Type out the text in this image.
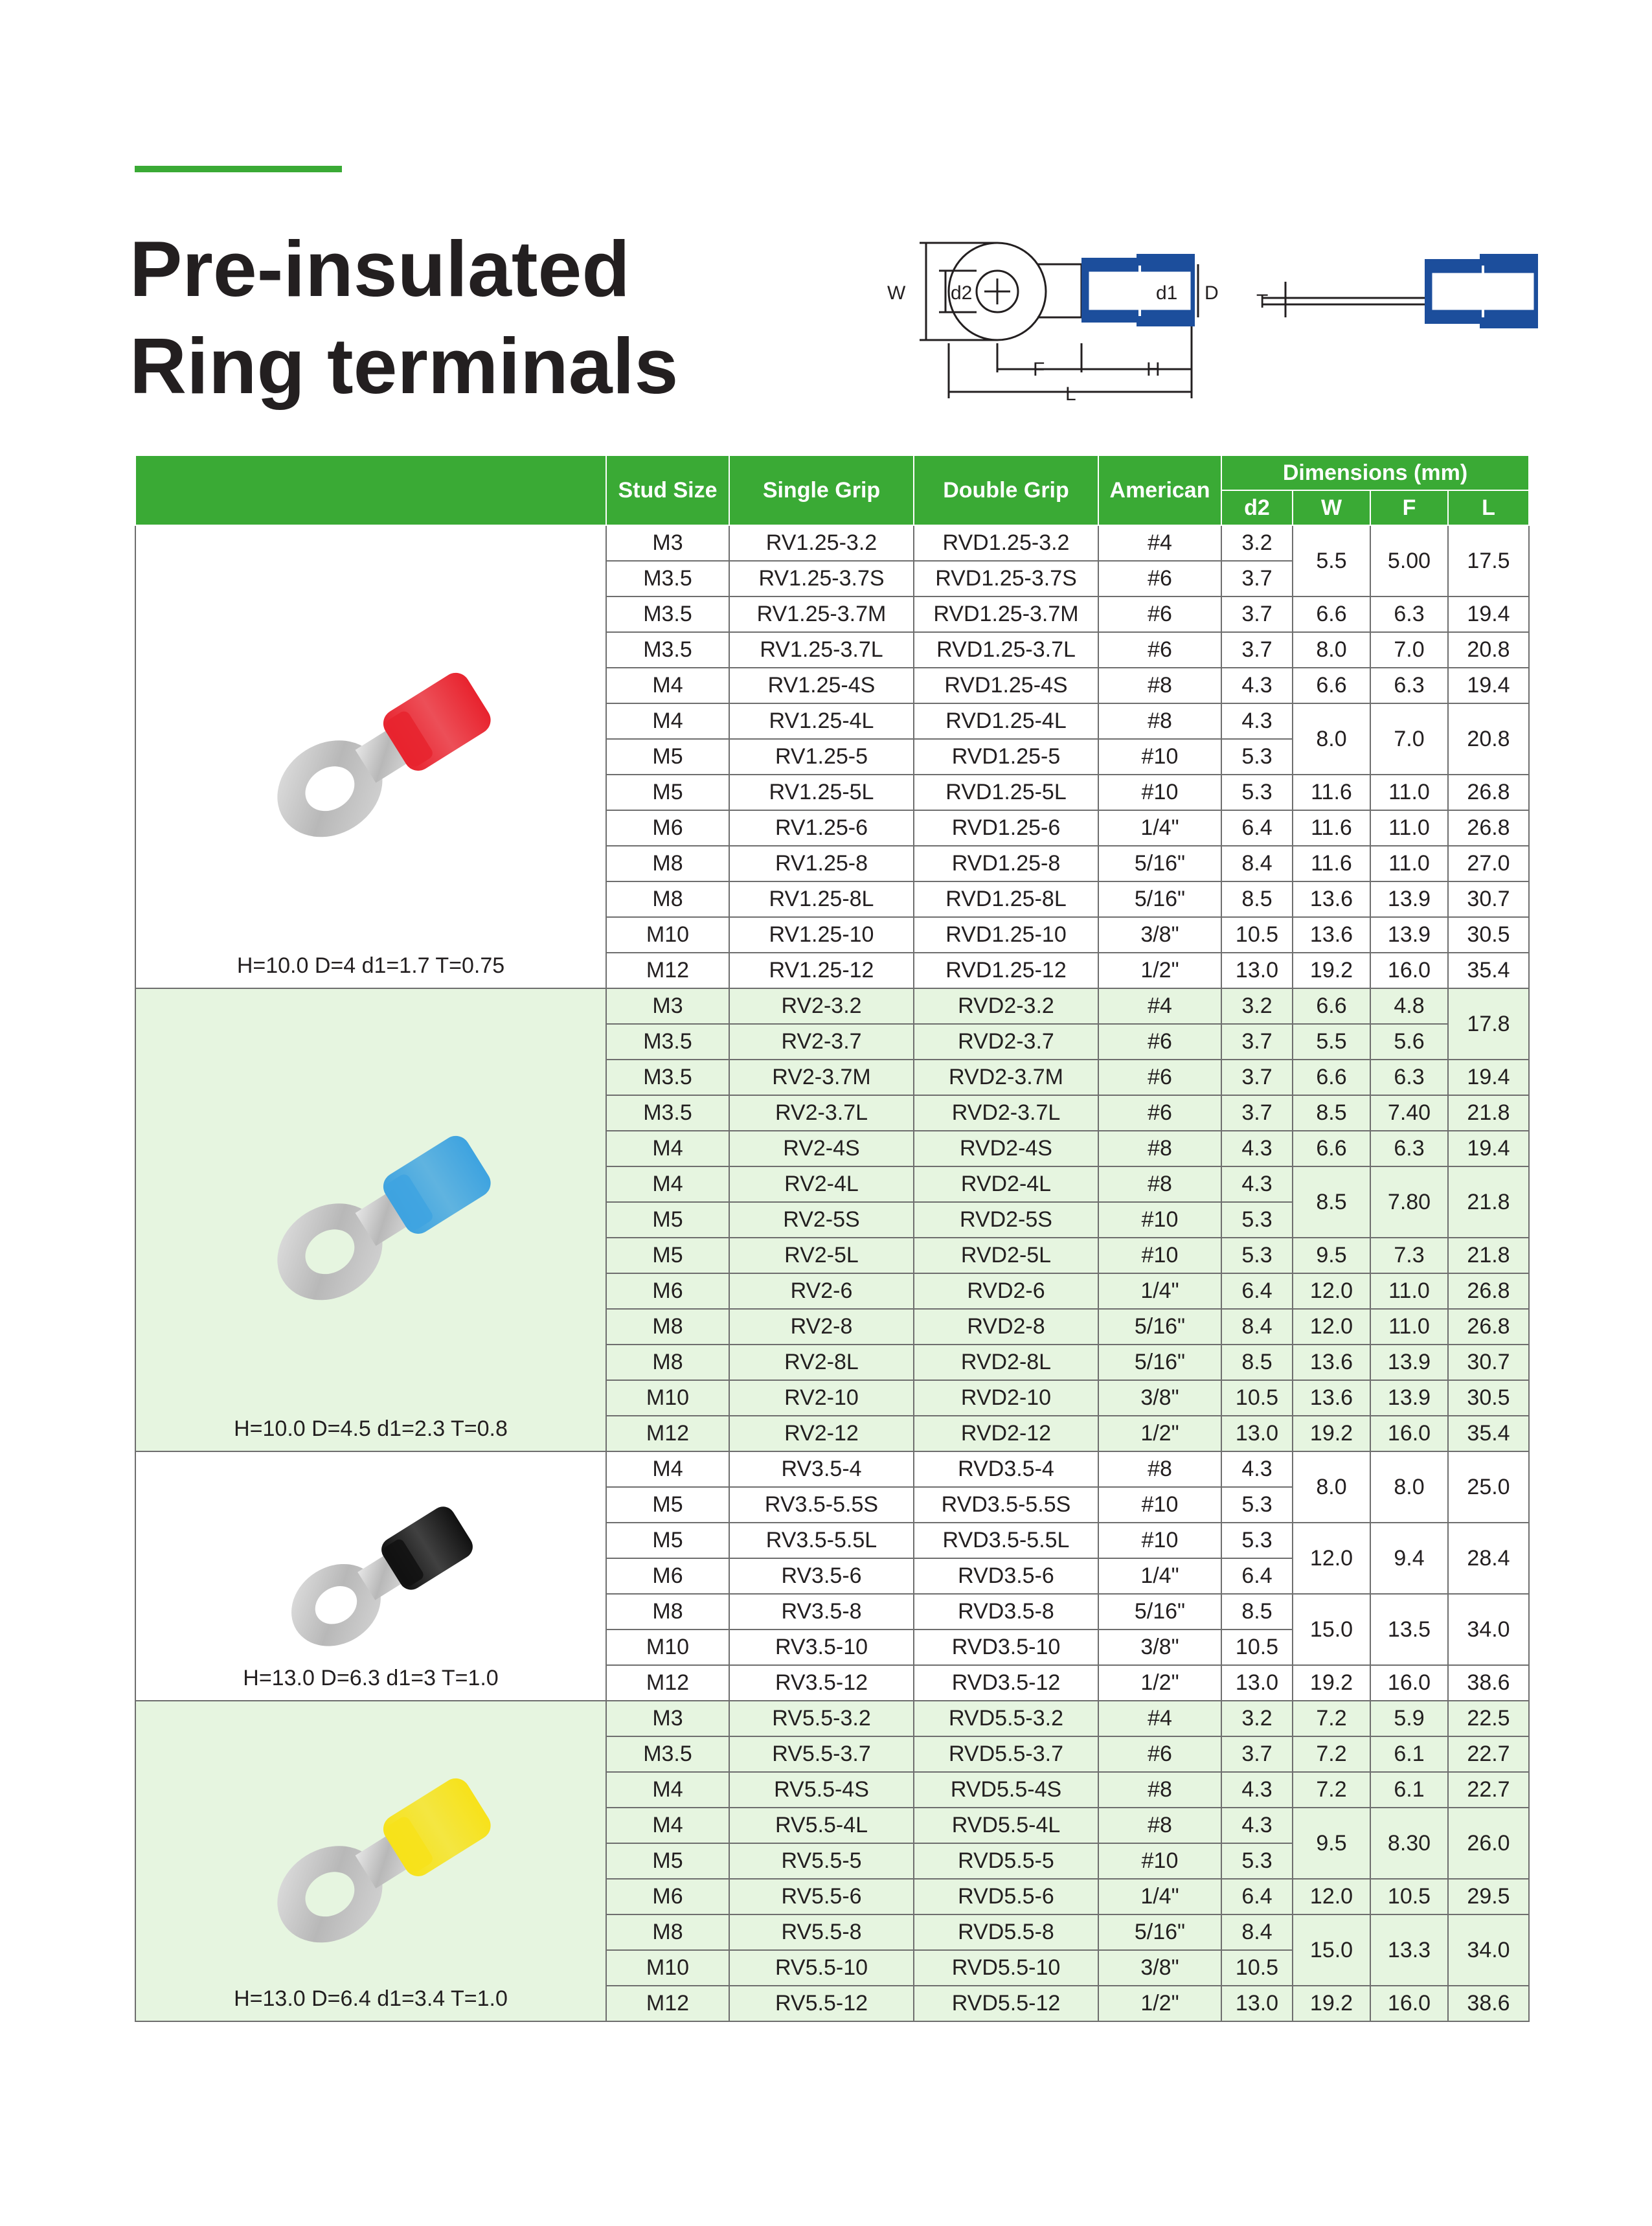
Pre-insulated
Ring terminals
W d2	d1 D
F	H
L
T
	Stud Size	Single Grip	Double Grip	American	Dimensions (mm)			
					d2	W	F	L

H=10.0 D=4 d1=1.7 T=0.75	M3	RV1.25-3.2	RVD1.25-3.2	#4	3.2	5.5	5.00	17.5
	M3.5	RV1.25-3.7S	RVD1.25-3.7S	#6	3.7			
	M3.5	RV1.25-3.7M	RVD1.25-3.7M	#6	3.7	6.6	6.3	19.4
	M3.5	RV1.25-3.7L	RVD1.25-3.7L	#6	3.7	8.0	7.0	20.8
	M4	RV1.25-4S	RVD1.25-4S	#8	4.3	6.6	6.3	19.4
	M4	RV1.25-4L	RVD1.25-4L	#8	4.3	8.0	7.0	20.8
	M5	RV1.25-5	RVD1.25-5	#10	5.3			
	M5	RV1.25-5L	RVD1.25-5L	#10	5.3	11.6	11.0	26.8
	M6	RV1.25-6	RVD1.25-6	1/4"	6.4	11.6	11.0	26.8
	M8	RV1.25-8	RVD1.25-8	5/16"	8.4	11.6	11.0	27.0
	M8	RV1.25-8L	RVD1.25-8L	5/16"	8.5	13.6	13.9	30.7
	M10	RV1.25-10	RVD1.25-10	3/8"	10.5	13.6	13.9	30.5
	M12	RV1.25-12	RVD1.25-12	1/2"	13.0	19.2	16.0	35.4

H=10.0 D=4.5 d1=2.3 T=0.8	M3	RV2-3.2	RVD2-3.2	#4	3.2	6.6	4.8	17.8
	M3.5	RV2-3.7	RVD2-3.7	#6	3.7	5.5	5.6	
	M3.5	RV2-3.7M	RVD2-3.7M	#6	3.7	6.6	6.3	19.4
	M3.5	RV2-3.7L	RVD2-3.7L	#6	3.7	8.5	7.40	21.8
	M4	RV2-4S	RVD2-4S	#8	4.3	6.6	6.3	19.4
	M4	RV2-4L	RVD2-4L	#8	4.3	8.5	7.80	21.8
	M5	RV2-5S	RVD2-5S	#10	5.3			
	M5	RV2-5L	RVD2-5L	#10	5.3	9.5	7.3	21.8
	M6	RV2-6	RVD2-6	1/4"	6.4	12.0	11.0	26.8
	M8	RV2-8	RVD2-8	5/16"	8.4	12.0	11.0	26.8
	M8	RV2-8L	RVD2-8L	5/16"	8.5	13.6	13.9	30.7
	M10	RV2-10	RVD2-10	3/8"	10.5	13.6	13.9	30.5
	M12	RV2-12	RVD2-12	1/2"	13.0	19.2	16.0	35.4

H=13.0 D=6.3 d1=3 T=1.0	M4	RV3.5-4	RVD3.5-4	#8	4.3	8.0	8.0	25.0
	M5	RV3.5-5.5S	RVD3.5-5.5S	#10	5.3			
	M5	RV3.5-5.5L	RVD3.5-5.5L	#10	5.3	12.0	9.4	28.4
	M6	RV3.5-6	RVD3.5-6	1/4"	6.4			
	M8	RV3.5-8	RVD3.5-8	5/16"	8.5	15.0	13.5	34.0
	M10	RV3.5-10	RVD3.5-10	3/8"	10.5			
	M12	RV3.5-12	RVD3.5-12	1/2"	13.0	19.2	16.0	38.6

H=13.0 D=6.4 d1=3.4 T=1.0	M3	RV5.5-3.2	RVD5.5-3.2	#4	3.2	7.2	5.9	22.5
	M3.5	RV5.5-3.7	RVD5.5-3.7	#6	3.7	7.2	6.1	22.7
	M4	RV5.5-4S	RVD5.5-4S	#8	4.3	7.2	6.1	22.7
	M4	RV5.5-4L	RVD5.5-4L	#8	4.3	9.5	8.30	26.0
	M5	RV5.5-5	RVD5.5-5	#10	5.3			
	M6	RV5.5-6	RVD5.5-6	1/4"	6.4	12.0	10.5	29.5
	M8	RV5.5-8	RVD5.5-8	5/16"	8.4	15.0	13.3	34.0
	M10	RV5.5-10	RVD5.5-10	3/8"	10.5			
	M12	RV5.5-12	RVD5.5-12	1/2"	13.0	19.2	16.0	38.6
